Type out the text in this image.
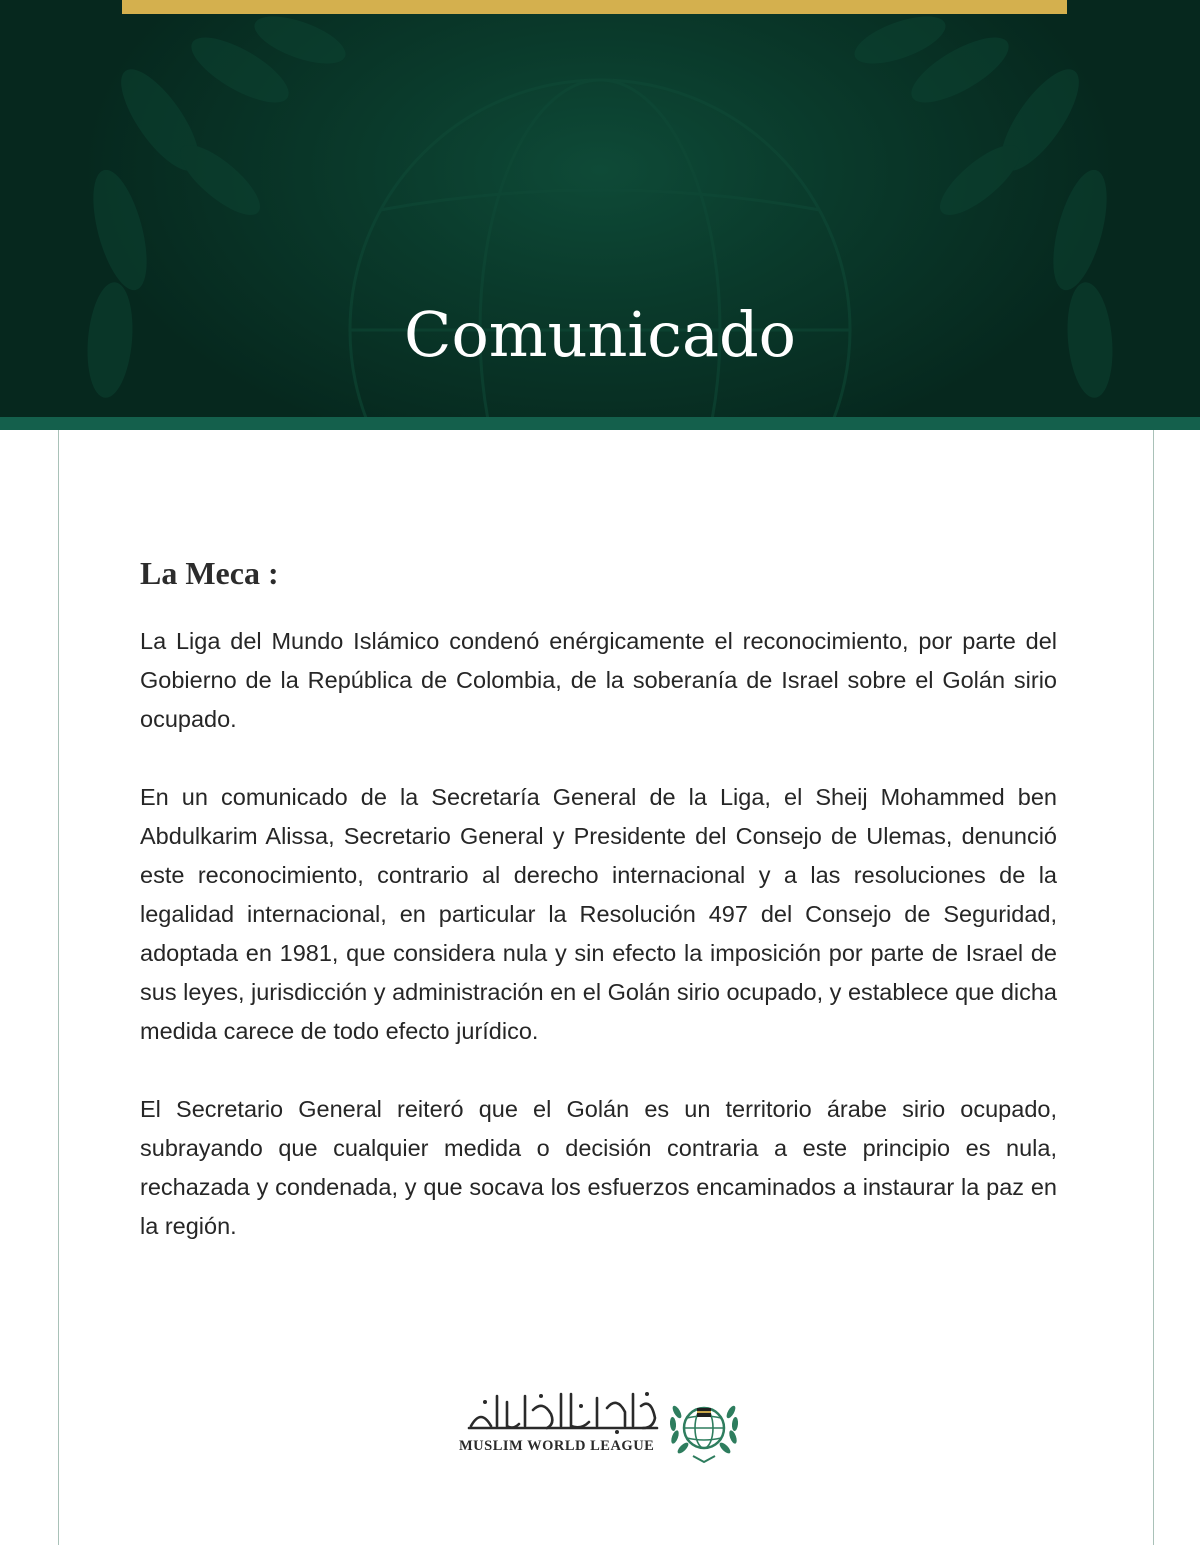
Comunicado
La Meca :

La Liga del Mundo Islámico condenó enérgicamente el reconocimiento, por parte del Gobierno de la República de Colombia, de la soberanía de Israel sobre el Golán sirio ocupado.

En un comunicado de la Secretaría General de la Liga, el Sheij Mohammed ben Abdulkarim Alissa, Secretario General y Presidente del Consejo de Ulemas, denunció este reconocimiento, contrario al derecho internacional y a las resoluciones de la legalidad internacional, en particular la Resolución 497 del Consejo de Seguridad, adoptada en 1981, que considera nula y sin efecto la imposición por parte de Israel de sus leyes, jurisdicción y administración en el Golán sirio ocupado, y establece que dicha medida carece de todo efecto jurídico.

El Secretario General reiteró que el Golán es un territorio árabe sirio ocupado, subrayando que cualquier medida o decisión contraria a este principio es nula, rechazada y condenada, y que socava los esfuerzos encaminados a instaurar la paz en la región.

MUSLIM WORLD LEAGUE
